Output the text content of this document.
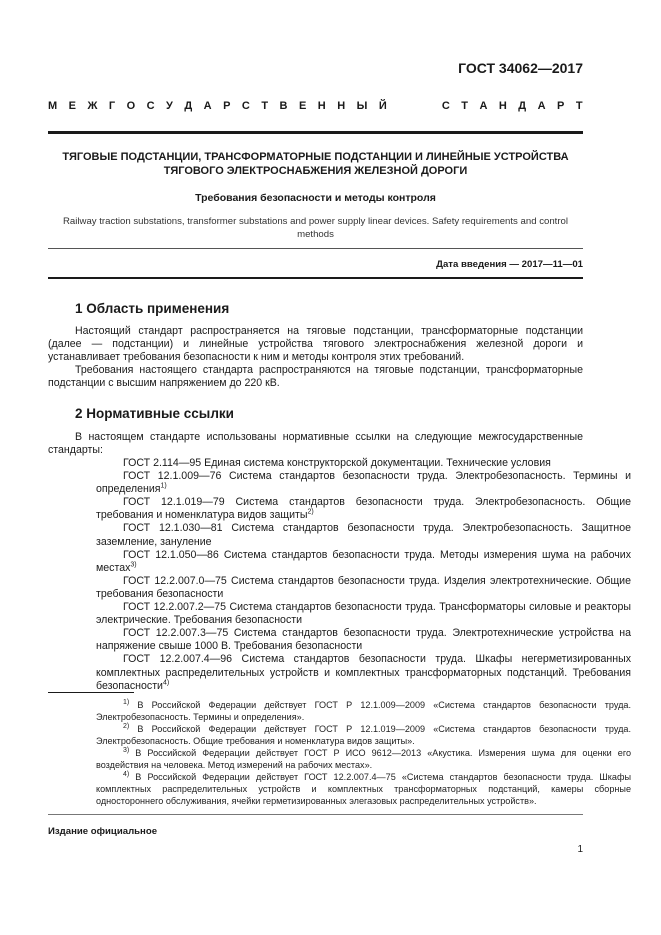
ГОСТ 34062—2017
М Е Ж Г О С У Д А Р С Т В Е Н Н Ы Й

	С Т А Н Д А Р Т
ТЯГОВЫЕ ПОДСТАНЦИИ, ТРАНСФОРМАТОРНЫЕ ПОДСТАНЦИИ И ЛИНЕЙНЫЕ УСТРОЙСТВА
ТЯГОВОГО ЭЛЕКТРОСНАБЖЕНИЯ ЖЕЛЕЗНОЙ ДОРОГИ
Требования безопасности и методы контроля
Railway traction substations, transformer substations and power supply linear devices. Safety requirements and control methods
Дата введения — 2017—11—01
1 Область применения
Настоящий стандарт распространяется на тяговые подстанции, трансформаторные подстанции (далее — подстанции) и линейные устройства тягового электроснабжения железной дороги и устанавливает требования безопасности к ним и методы контроля этих требований.
Требования настоящего стандарта распространяются на тяговые подстанции, трансформаторные подстанции с высшим напряжением до 220 кВ.
2 Нормативные ссылки
В настоящем стандарте использованы нормативные ссылки на следующие межгосударственные стандарты:
ГОСТ 2.114—95 Единая система конструкторской документации. Технические условия
ГОСТ 12.1.009—76 Система стандартов безопасности труда. Электробезопасность. Термины и определения$^{1)}$
ГОСТ 12.1.019—79 Система стандартов безопасности труда. Электробезопасность. Общие требования и номенклатура видов защиты$^{2)}$
ГОСТ 12.1.030—81 Система стандартов безопасности труда. Электробезопасность. Защитное заземление, зануление
ГОСТ 12.1.050—86 Система стандартов безопасности труда. Методы измерения шума на рабочих местах$^{3)}$
ГОСТ 12.2.007.0—75 Система стандартов безопасности труда. Изделия электротехнические. Общие требования безопасности
ГОСТ 12.2.007.2—75 Система стандартов безопасности труда. Трансформаторы силовые и реакторы электрические. Требования безопасности
ГОСТ 12.2.007.3—75 Система стандартов безопасности труда. Электротехнические устройства на напряжение свыше 1000 В. Требования безопасности
ГОСТ 12.2.007.4—96 Система стандартов безопасности труда. Шкафы негерметизированных комплектных распределительных устройств и комплектных трансформаторных подстанций. Требования безопасности$^{4)}$
$^{1)}$ В Российской Федерации действует ГОСТ Р 12.1.009—2009 «Система стандартов безопасности труда. Электробезопасность. Термины и определения».
$^{2)}$ В Российской Федерации действует ГОСТ Р 12.1.019—2009 «Система стандартов безопасности труда. Электробезопасность. Общие требования и номенклатура видов защиты».
$^{3)}$ В Российской Федерации действует ГОСТ Р ИСО 9612—2013 «Акустика. Измерения шума для оценки его воздействия на человека. Метод измерений на рабочих местах».
$^{4)}$ В Российской Федерации действует ГОСТ 12.2.007.4—75 «Система стандартов безопасности труда. Шкафы комплектных распределительных устройств и комплектных трансформаторных подстанций, камеры сборные одностороннего обслуживания, ячейки герметизированных элегазовых распределительных устройств».
Издание официальное
1
